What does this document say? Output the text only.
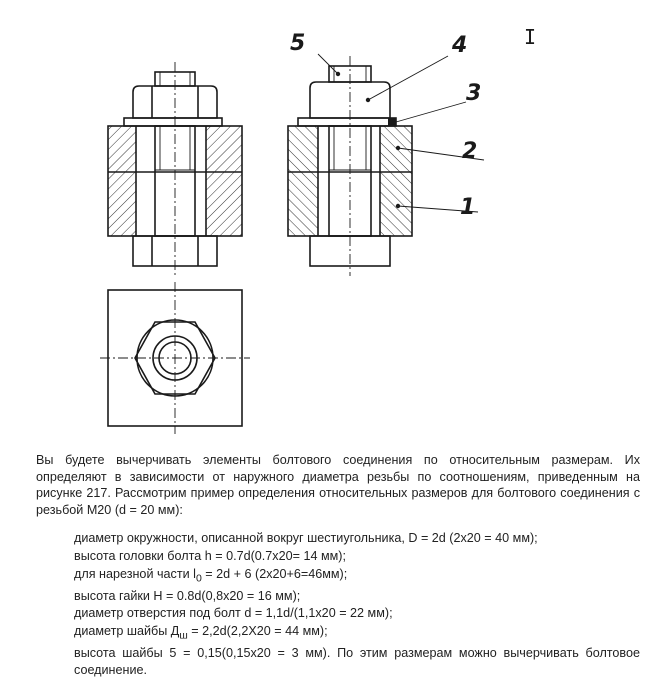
5	4
3
2
1
I

Вы будете вычерчивать элементы болтового соединения по относительным размерам. Их определяют в зависимости от наружного диаметра резьбы по соотношениям, приведенным на рисунке 217. Рассмотрим пример определения относительных размеров для болтового соединения с резьбой М20 (d = 20 мм):

диаметр окружности, описанной вокруг шестиугольника, D = 2d (2х20 = 40 мм);
высота головки болта h = 0.7d(0.7х20= 14 мм);
для нарезной части $l_0 = 2d + 6$ (2х20+6=46мм);
высота гайки H = 0.8d(0,8х20 = 16 мм);
диаметр отверстия под болт d = 1,1d/(1,1х20 = 22 мм);
диаметр шайбы $Д_ш = 2,2d(2,2Х20 = 44$ мм);
высота шайбы 5 = 0,15(0,15х20 = 3 мм). По этим размерам можно вычерчивать болтовое соединение.
